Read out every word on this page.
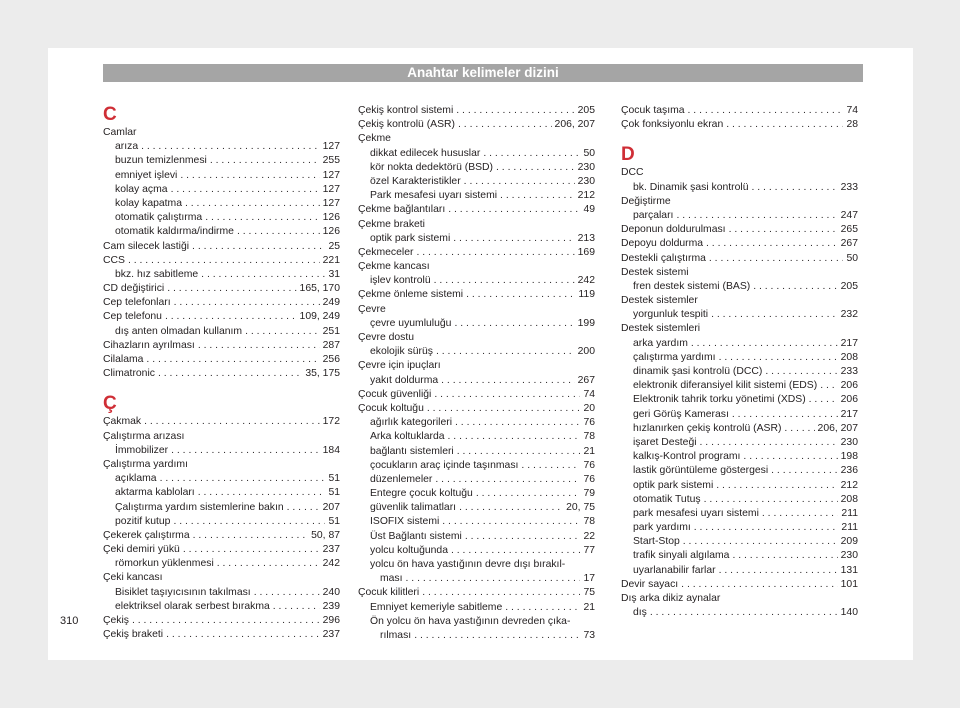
Anahtar kelimeler dizini
C
Camlar
arıza . . .	127
buzun temizlenmesi . . .	255
emniyet işlevi . . .	127
kolay açma . . .	127
kolay kapatma . . .	127
otomatik çalıştırma . . .	126
otomatik kaldırma/indirme . . .	126
Cam silecek lastiği . . .	25
CCS . . .	221
bkz. hız sabitleme . . .	31
CD değiştirici . . .	165, 170
Cep telefonları . . .	249
Cep telefonu . . .	109, 249
dış anten olmadan kullanım . . .	251
Cihazların ayrılması . . .	287
Cilalama . . .	256
Climatronic . . .	35, 175
Ç
Çakmak . . .	172
Çalıştırma arızası
İmmobilizer . . .	184
Çalıştırma yardımı
açıklama . . .	51
aktarma kabloları . . .	51
Çalıştırma yardım sistemlerine bakın . . .	207
pozitif kutup . . .	51
Çekerek çalıştırma . . .	50, 87
Çeki demiri yükü . . .	237
römorkun yüklenmesi . . .	242
Çeki kancası
Bisiklet taşıyıcısının takılması . . .	240
elektriksel olarak serbest bırakma . . .	239
Çekiş . . .	296
Çekiş braketi . . .	237
Çekiş kontrol sistemi . . .	205
Çekiş kontrolü (ASR) . . .	206, 207
Çekme
dikkat edilecek hususlar . . .	50
kör nokta dedektörü (BSD) . . .	230
özel Karakteristikler . . .	230
Park mesafesi uyarı sistemi . . .	212
Çekme bağlantıları . . .	49
Çekme braketi
optik park sistemi . . .	213
Çekmeceler . . .	169
Çekme kancası
işlev kontrolü . . .	242
Çekme önleme sistemi . . .	119
Çevre
çevre uyumluluğu . . .	199
Çevre dostu
ekolojik sürüş . . .	200
Çevre için ipuçları
yakıt doldurma . . .	267
Çocuk güvenliği . . .	74
Çocuk koltuğu . . .	20
ağırlık kategorileri . . .	76
Arka koltuklarda . . .	78
bağlantı sistemleri . . .	21
çocukların araç içinde taşınması . . .	76
düzenlemeler . . .	76
Entegre çocuk koltuğu . . .	79
güvenlik talimatları . . .	20, 75
ISOFIX sistemi . . .	78
Üst Bağlantı sistemi . . .	22
yolcu koltuğunda . . .	77
yolcu ön hava yastığının devre dışı bırakıl-
ması . . .	17
Çocuk kilitleri . . .	75
Emniyet kemeriyle sabitleme . . .	21
Ön yolcu ön hava yastığının devreden çıka-
rılması . . .	73
Çocuk taşıma . . .	74
Çok fonksiyonlu ekran . . .	28
D
DCC
bk. Dinamik şasi kontrolü . . .	233
Değiştirme
parçaları . . .	247
Deponun doldurulması . . .	265
Depoyu doldurma . . .	267
Destekli çalıştırma . . .	50
Destek sistemi
fren destek sistemi (BAS) . . .	205
Destek sistemler
yorgunluk tespiti . . .	232
Destek sistemleri
arka yardım . . .	217
çalıştırma yardımı . . .	208
dinamik şasi kontrolü (DCC) . . .	233
elektronik diferansiyel kilit sistemi (EDS) . . . 206
Elektronik tahrik torku yönetimi (XDS) . . .	206
geri Görüş Kamerası . . .	217
hızlanırken çekiş kontrolü (ASR) . . .	206, 207
işaret Desteği . . .	230
kalkış-Kontrol programı . . .	198
lastik görüntüleme göstergesi . . .	236
optik park sistemi . . .	212
otomatik Tutuş . . .	208
park mesafesi uyarı sistemi . . .	211
park yardımı . . .	211
Start-Stop . . .	209
trafik sinyali algılama . . .	230
uyarlanabilir farlar . . .	131
Devir sayacı . . .	101
Dış arka dikiz aynalar
dış . . .	140
310
